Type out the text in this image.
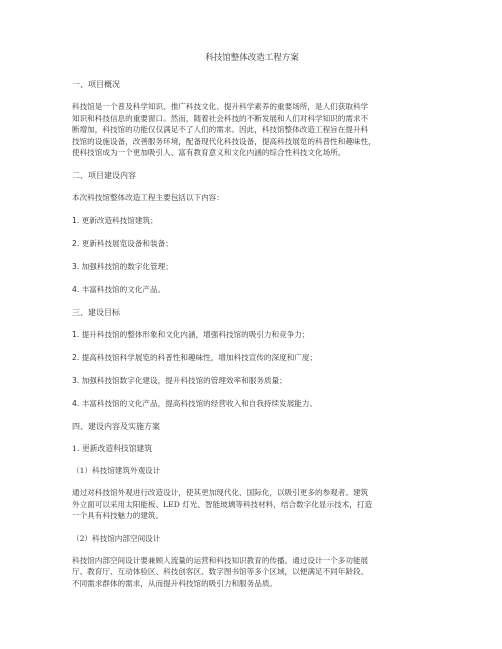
科技馆整体改造工程方案
一、项目概况

科技馆是一个普及科学知识、推广科技文化、提升科学素养的重要场所，是人们获取科学
知识和科技信息的重要窗口。然而，随着社会科技的不断发展和人们对科学知识的需求不
断增加，科技馆的功能仅仅满足不了人们的需求。因此，科技馆整体改造工程旨在提升科
技馆的设施设备，改善服务环境，配备现代化科技设备，提高科技展览的科普性和趣味性，
使科技馆成为一个更加吸引人、富有教育意义和文化内涵的综合性科技文化场所。

二、项目建设内容

本次科技馆整体改造工程主要包括以下内容：

1. 更新改造科技馆建筑；

2. 更新科技展览设备和装备；

3. 加强科技馆的数字化管理；

4. 丰富科技馆的文化产品。

三、建设目标

1. 提升科技馆的整体形象和文化内涵，增强科技馆的吸引力和竞争力；

2. 提高科技馆科学展览的科普性和趣味性，增加科技宣传的深度和广度；

3. 加强科技馆数字化建设，提升科技馆的管理效率和服务质量；

4. 丰富科技馆的文化产品，提高科技馆的经营收入和自我持续发展能力。

四、建设内容及实施方案

1. 更新改造科技馆建筑

（1）科技馆建筑外观设计

通过对科技馆外观进行改造设计，使其更加现代化、国际化，以吸引更多的参观者。建筑
外立面可以采用太阳能板、LED 灯光、智能玻璃等科技材料，结合数字化显示技术，打造
一个具有科技魅力的建筑。

（2）科技馆内部空间设计

科技馆内部空间设计要兼顾人流量的运营和科技知识教育的传播。通过设计一个多功能展
厅、教育厅、互动体验区、科技创客区、数字图书馆等多个区域，以便满足不同年龄段、
不同需求群体的需求，从而提升科技馆的吸引力和服务品质。
